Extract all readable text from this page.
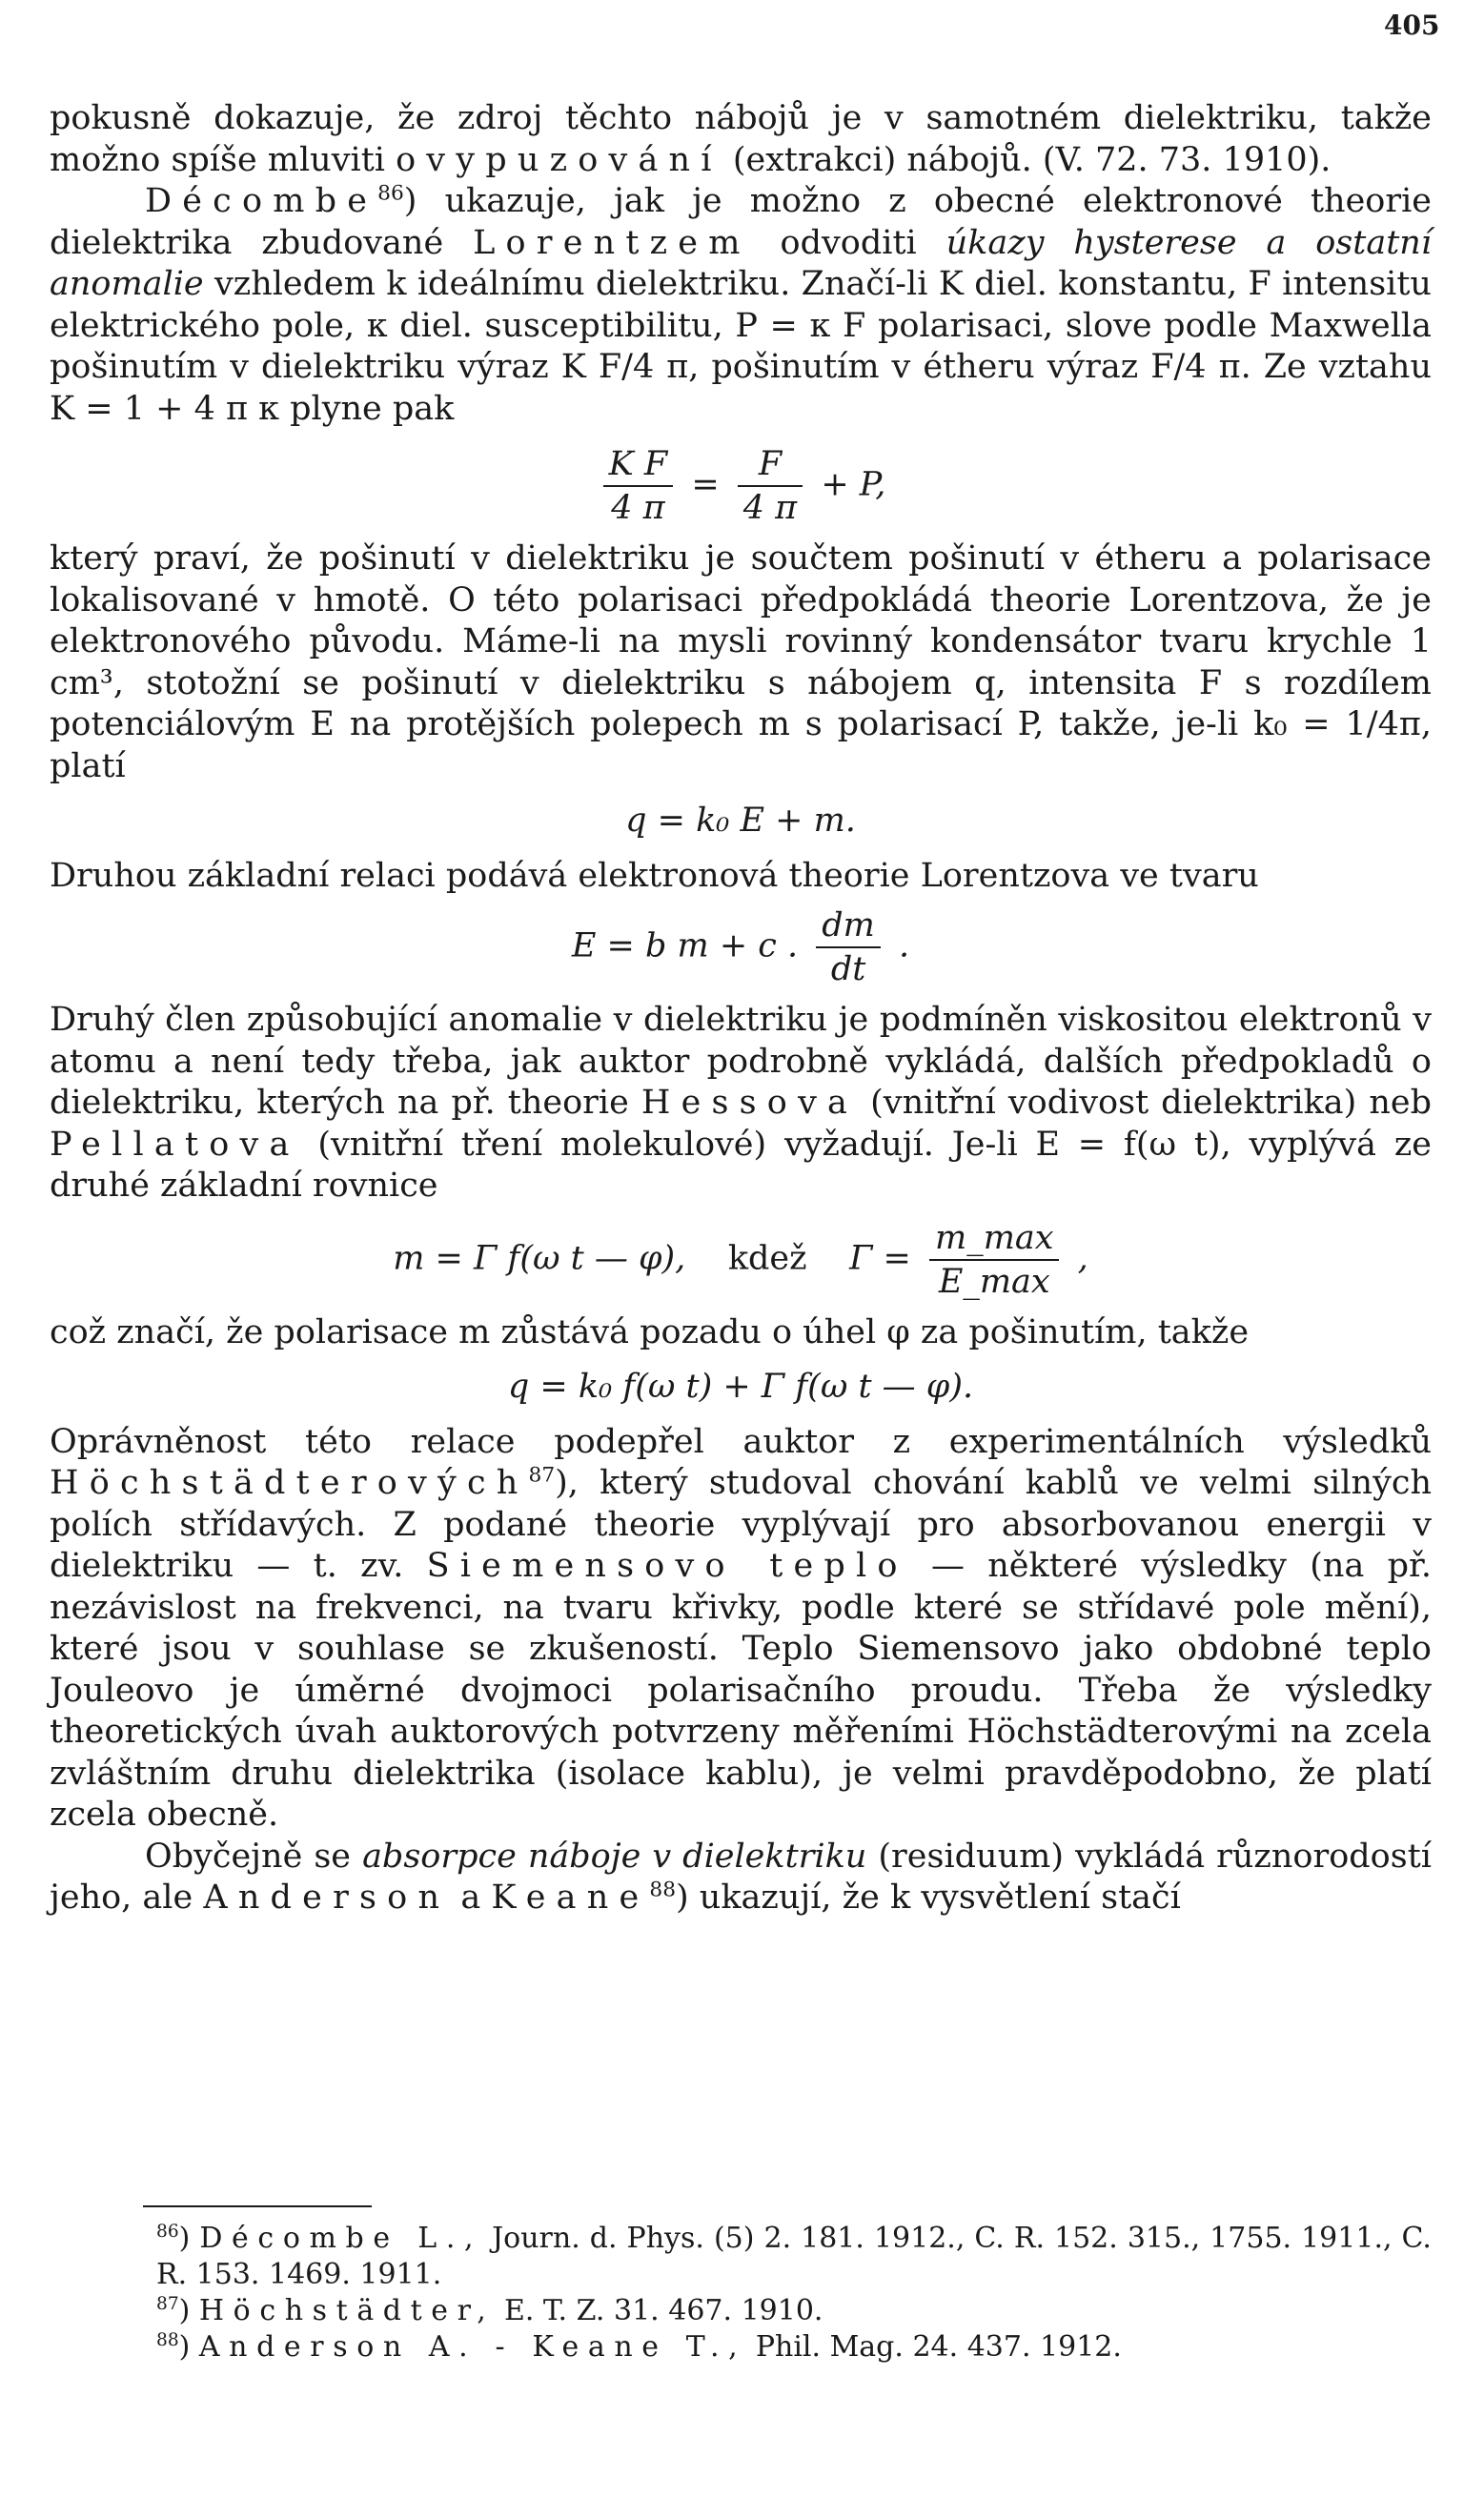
405

pokusně dokazuje, že zdroj těchto nábojů je v samotném dielektriku, takže možno spíše mluviti o vypuzování (extrakci) nábojů. (V. 72. 73. 1910).

Décombe$^{86}$) ukazuje, jak je možno z obecné elektronové theorie dielektrika zbudované Lorentzem odvoditi úkazy hysterese a ostatní anomalie vzhledem k ideálnímu dielektriku. Značí-li K diel. konstantu, F intensitu elektrického pole, κ diel. susceptibilitu, P = κ F polarisaci, slove podle Maxwella pošinutím v dielektriku výraz K F/4 π, pošinutím v étheru výraz F/4 π. Ze vztahu K = 1 + 4 π κ plyne pak

$\frac{\text{K F}}{4 \pi} = \frac{F}{4 \pi} + P$,

který praví, že pošinutí v dielektriku je součtem pošinutí v étheru a polarisace lokalisované v hmotě. O této polarisaci předpokládá theorie Lorentzova, že je elektronového původu. Máme-li na mysli rovinný kondensátor tvaru krychle 1 cm³, stotožní se pošinutí v dielektriku s nábojem q, intensita F s rozdílem potenciálovým E na protějších polepech m s polarisací P, takže, je-li k₀ = 1/4π, platí

q = k₀ E + m.

Druhou základní relaci podává elektronová theorie Lorentzova ve tvaru

E = b m + c . $\frac{dm}{dt}$ .

Druhý člen způsobující anomalie v dielektriku je podmíněn viskositou elektronů v atomu a není tedy třeba, jak auktor podrobně vykládá, dalších předpokladů o dielektriku, kterých na př. theorie Hessova (vnitřní vodivost dielektrika) neb Pellatova (vnitřní tření molekulové) vyžadují. Je-li E = f(ω t), vyplývá ze druhé základní rovnice

m = Γ f(ω t — φ), kdež $\Gamma = \frac{m\_\max}{E\_\max}$ ,

což značí, že polarisace m zůstává pozadu o úhel φ za pošinutím, takže

q = k₀ f(ω t) + Γ f(ω t — φ).

Oprávněnost této relace podepřel auktor z experimentálních výsledků Höchstädterových$^{87}$), který studoval chování kablů ve velmi silných polích střídavých. Z podané theorie vyplývají pro absorbovanou energii v dielektriku — t. zv. Siemensovo teplo — některé výsledky (na př. nezávislost na frekvenci, na tvaru křivky, podle které se střídavé pole mění), které jsou v souhlase se zkušeností. Teplo Siemensovo jako obdobné teplo Jouleovo je úměrné dvojmoci polarisačního proudu. Třeba že výsledky theoretických úvah auktorových potvrzeny měřeními Höchstädterovými na zcela zvláštním druhu dielektrika (isolace kablu), je velmi pravděpodobno, že platí zcela obecně.

Obyčejně se absorpce náboje v dielektriku (residuum) vykládá různorodostí jeho, ale Anderson a Keane$^{88}$) ukazují, že k vysvětlení stačí

$^{86}$) Décombe L., Journ. d. Phys. (5) 2. 181. 1912., C. R. 152. 315., 1755. 1911., C. R. 153. 1469. 1911.

$^{87}$) Höchstädter, E. T. Z. 31. 467. 1910.

$^{88}$) Anderson A. - Keane T., Phil. Mag. 24. 437. 1912.
